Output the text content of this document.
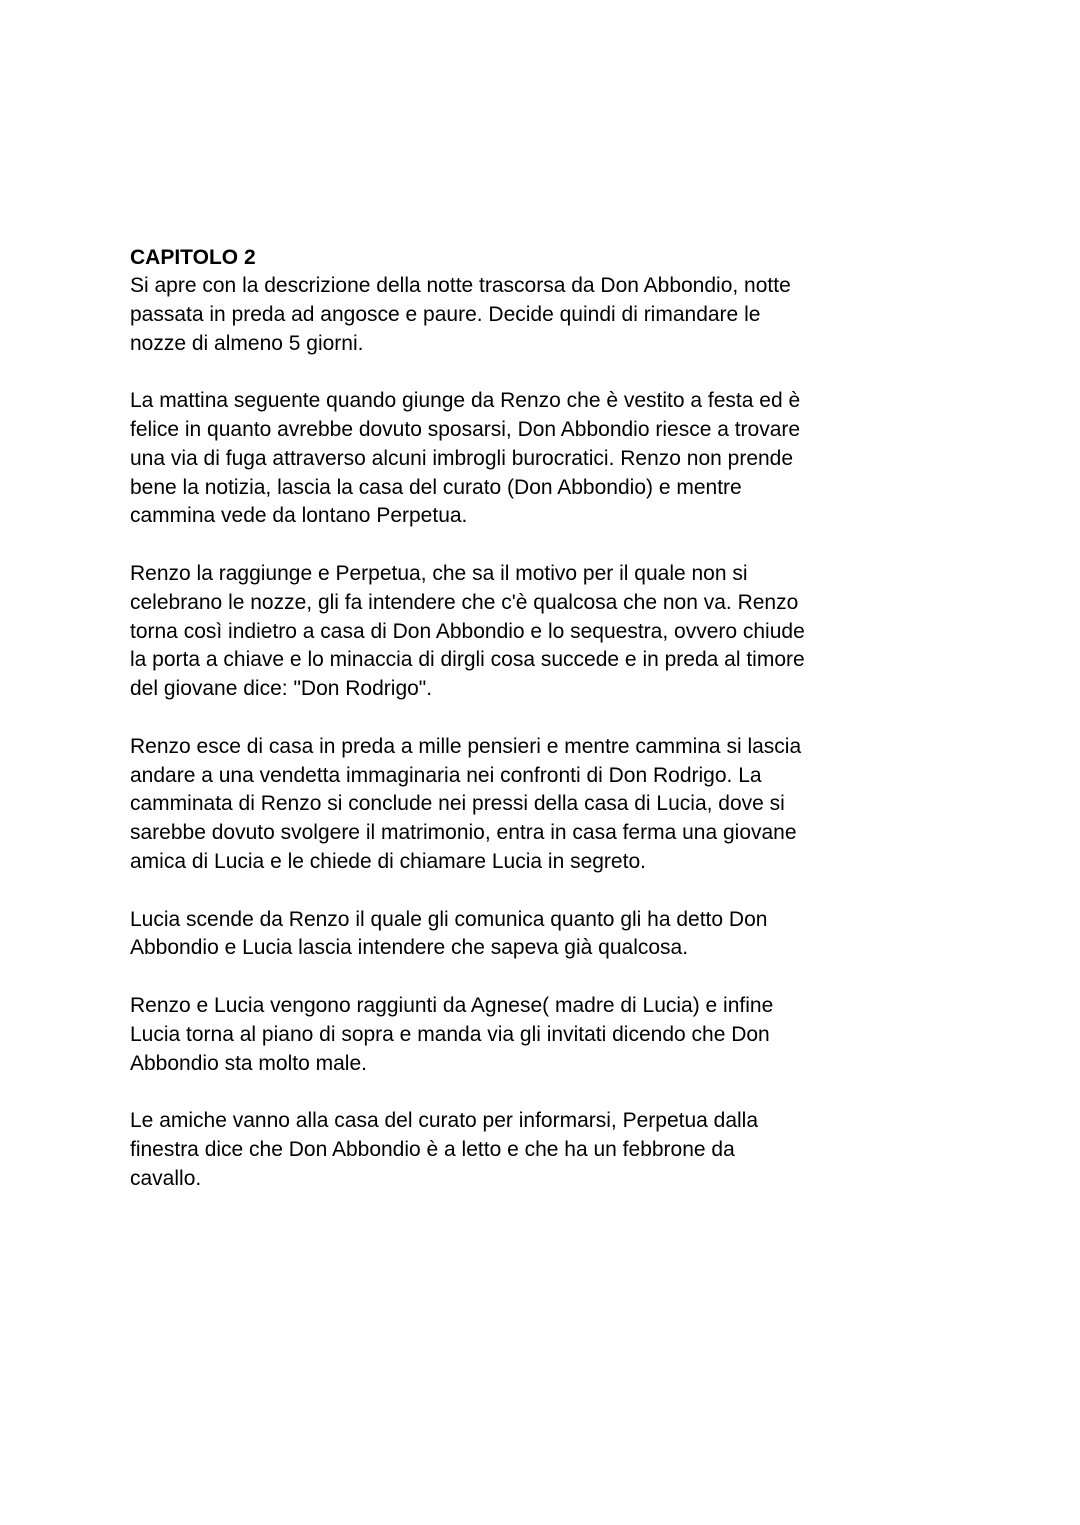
CAPITOLO 2

Si apre con la descrizione della notte trascorsa da Don Abbondio, notte
passata in preda ad angosce e paure. Decide quindi di rimandare le
nozze di almeno 5 giorni.

La mattina seguente quando giunge da Renzo che è vestito a festa ed è
felice in quanto avrebbe dovuto sposarsi, Don Abbondio riesce a trovare
una via di fuga attraverso alcuni imbrogli burocratici. Renzo non prende
bene la notizia, lascia la casa del curato (Don Abbondio) e mentre
cammina vede da lontano Perpetua.

Renzo la raggiunge e Perpetua, che sa il motivo per il quale non si
celebrano le nozze, gli fa intendere che c'è qualcosa che non va. Renzo
torna così indietro a casa di Don Abbondio e lo sequestra, ovvero chiude
la porta a chiave e lo minaccia di dirgli cosa succede e in preda al timore
del giovane dice: "Don Rodrigo".

Renzo esce di casa in preda a mille pensieri e mentre cammina si lascia
andare a una vendetta immaginaria nei confronti di Don Rodrigo. La
camminata di Renzo si conclude nei pressi della casa di Lucia, dove si
sarebbe dovuto svolgere il matrimonio, entra in casa ferma una giovane
amica di Lucia e le chiede di chiamare Lucia in segreto.

Lucia scende da Renzo il quale gli comunica quanto gli ha detto Don
Abbondio e Lucia lascia intendere che sapeva già qualcosa.

Renzo e Lucia vengono raggiunti da Agnese( madre di Lucia) e infine
Lucia torna al piano di sopra e manda via gli invitati dicendo che Don
Abbondio sta molto male.

Le amiche vanno alla casa del curato per informarsi, Perpetua dalla
finestra dice che Don Abbondio è a letto e che ha un febbrone da
cavallo.
